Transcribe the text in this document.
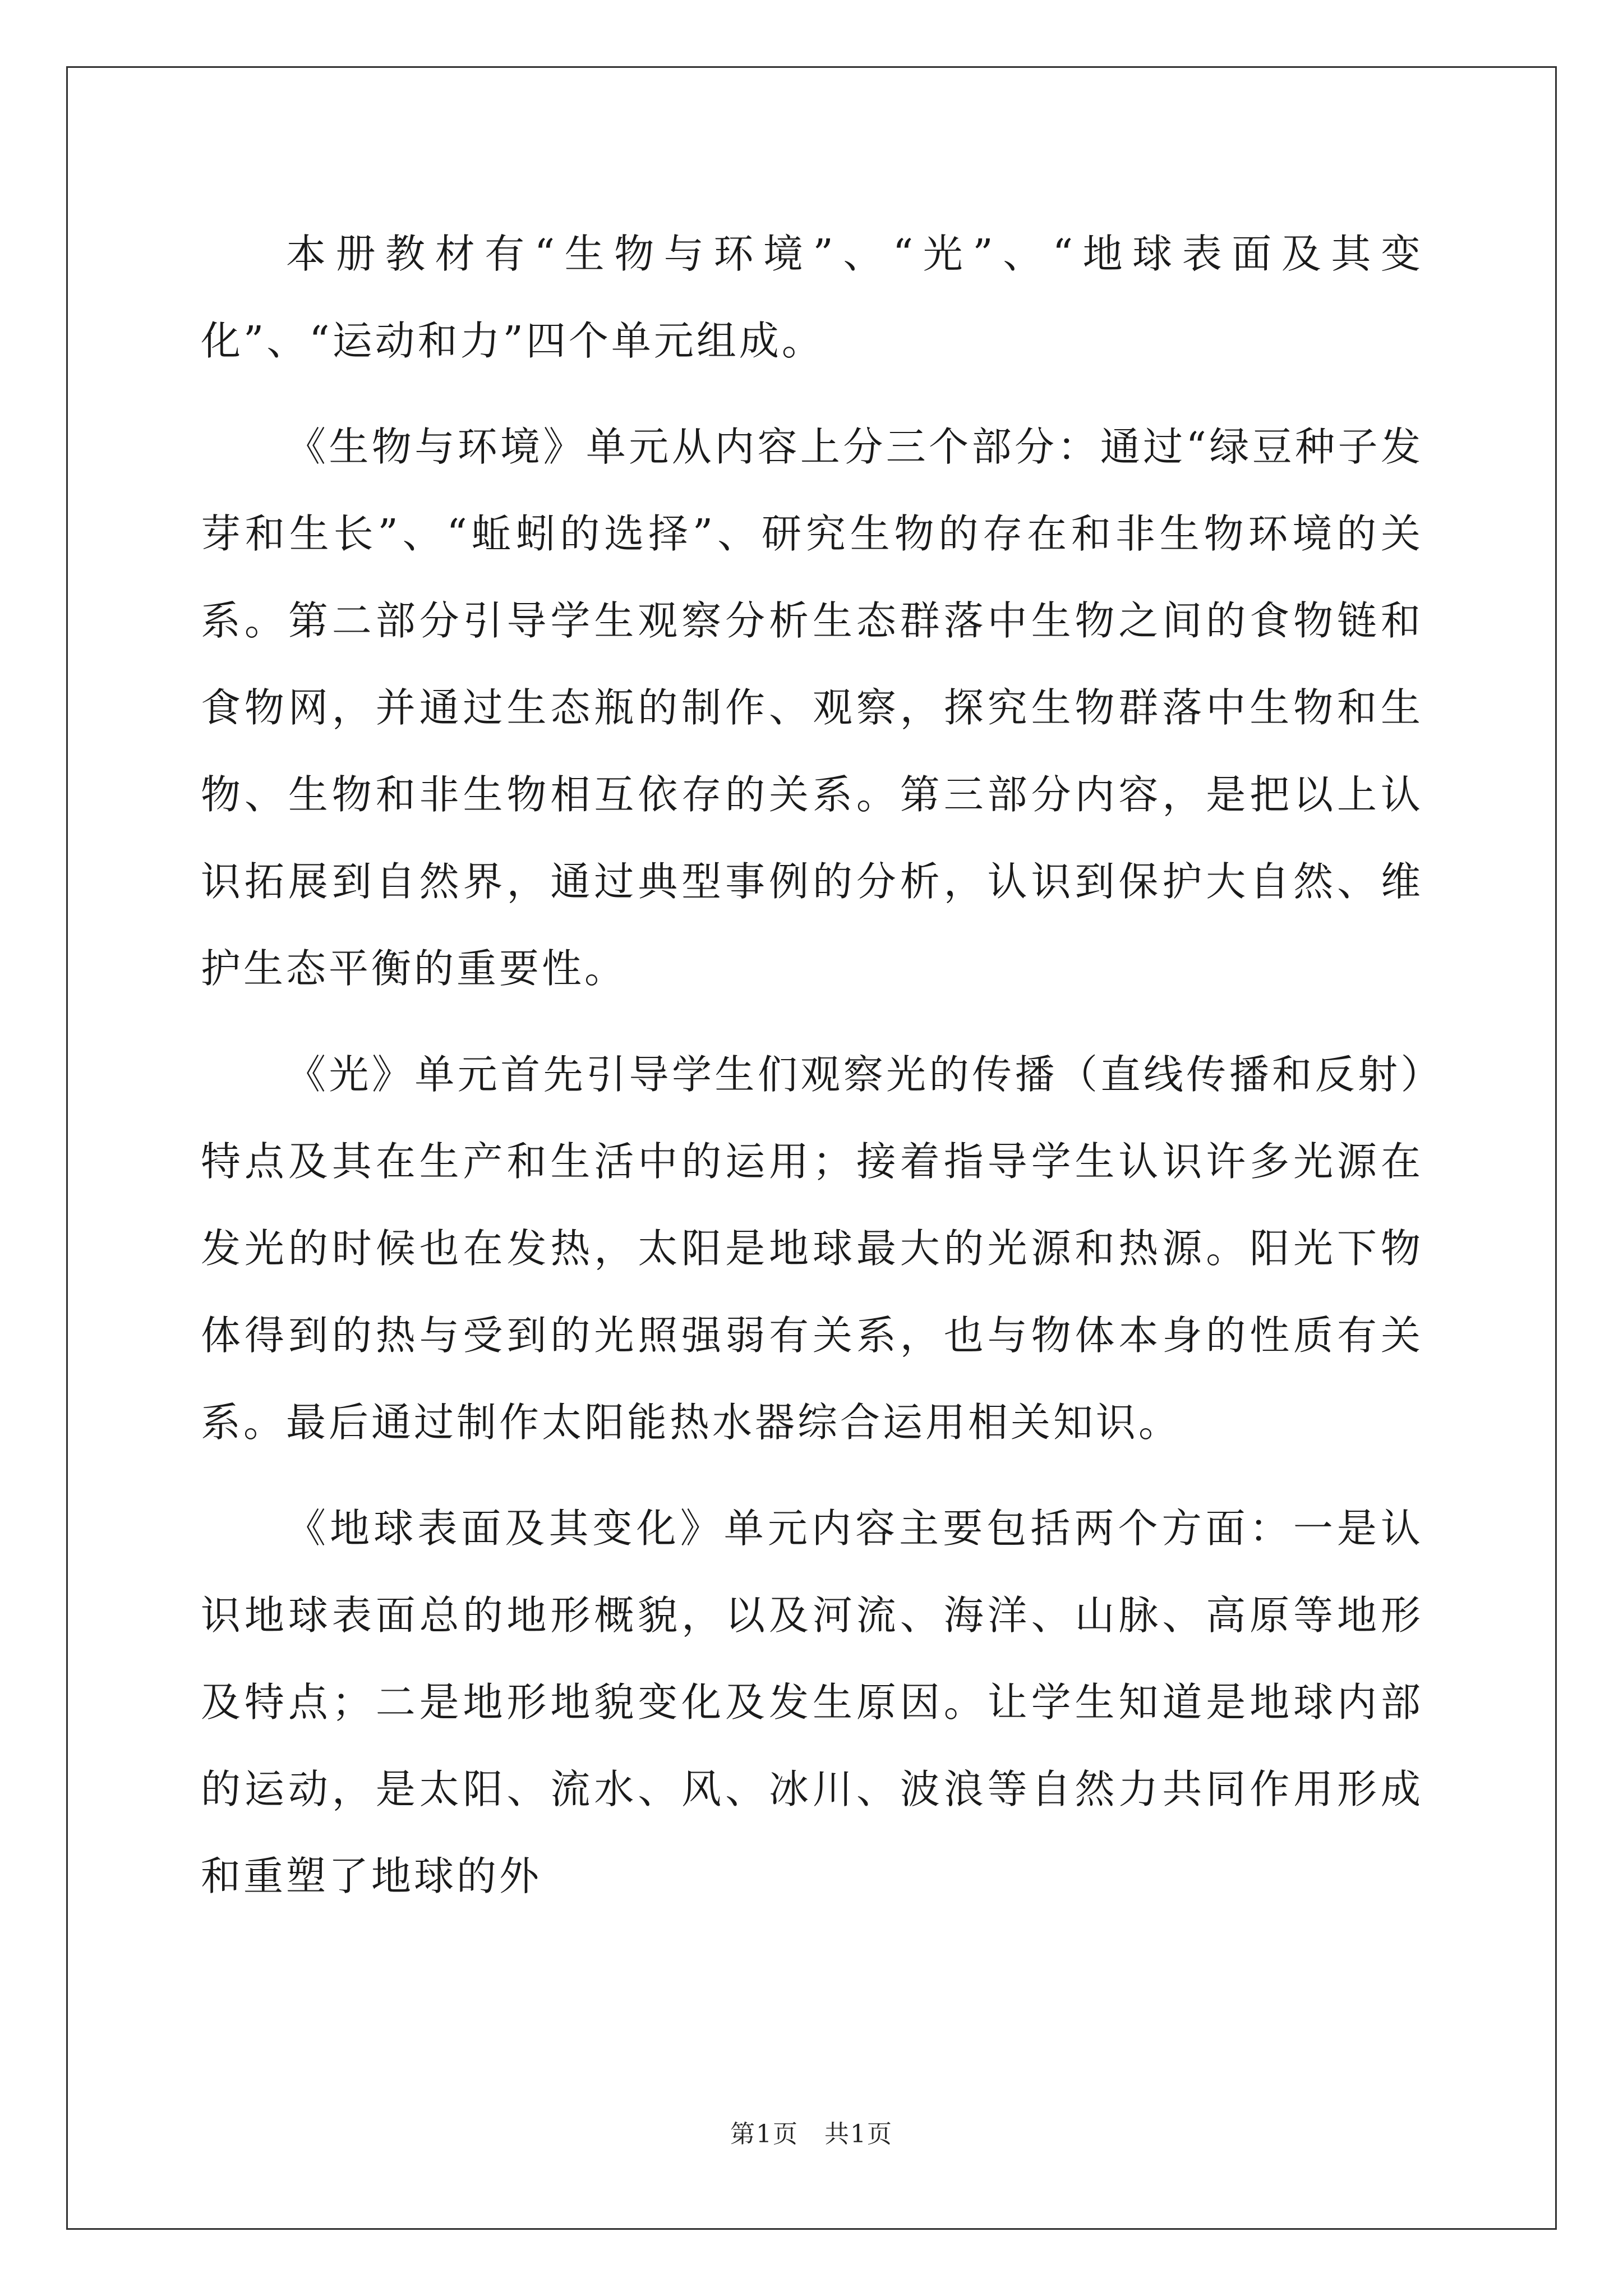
本册教材有“生物与环境”、“光”、“地球表面及其变化”、“运动和力”四个单元组成。

《生物与环境》单元从内容上分三个部分：通过“绿豆种子发芽和生长”、“蚯蚓的选择”、研究生物的存在和非生物环境的关系。第二部分引导学生观察分析生态群落中生物之间的食物链和食物网，并通过生态瓶的制作、观察，探究生物群落中生物和生物、生物和非生物相互依存的关系。第三部分内容，是把以上认识拓展到自然界，通过典型事例的分析，认识到保护大自然、维护生态平衡的重要性。

《光》单元首先引导学生们观察光的传播（直线传播和反射）特点及其在生产和生活中的运用；接着指导学生认识许多光源在发光的时候也在发热，太阳是地球最大的光源和热源。阳光下物体得到的热与受到的光照强弱有关系，也与物体本身的性质有关系。最后通过制作太阳能热水器综合运用相关知识。

《地球表面及其变化》单元内容主要包括两个方面：一是认识地球表面总的地形概貌，以及河流、海洋、山脉、高原等地形及特点；二是地形地貌变化及发生原因。让学生知道是地球内部的运动，是太阳、流水、风、冰川、波浪等自然力共同作用形成和重塑了地球的外

第1页　共1页
